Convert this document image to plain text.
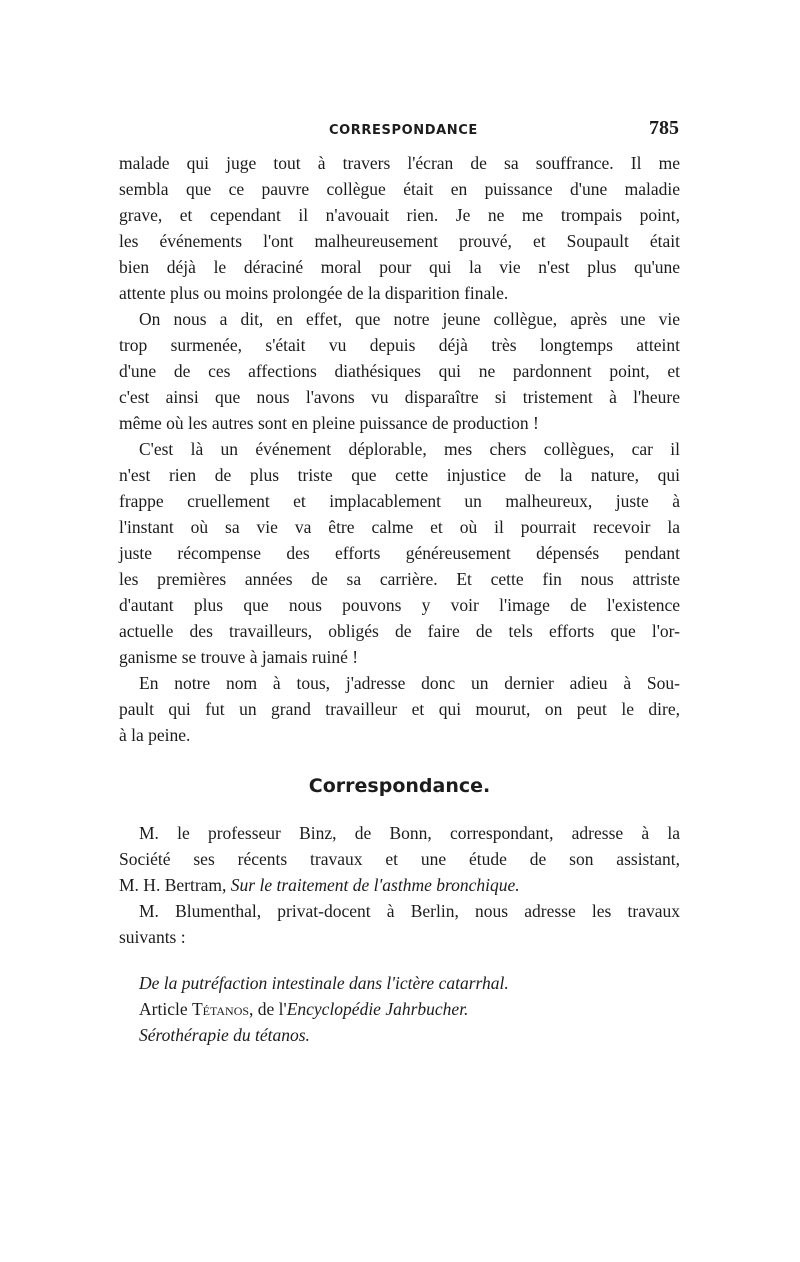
CORRESPONDANCE	785
malade qui juge tout à travers l'écran de sa souffrance. Il me
sembla que ce pauvre collègue était en puissance d'une maladie
grave, et cependant il n'avouait rien. Je ne me trompais point,
les événements l'ont malheureusement prouvé, et Soupault était
bien déjà le déraciné moral pour qui la vie n'est plus qu'une
attente plus ou moins prolongée de la disparition finale.
On nous a dit, en effet, que notre jeune collègue, après une vie
trop surmenée, s'était vu depuis déjà très longtemps atteint
d'une de ces affections diathésiques qui ne pardonnent point, et
c'est ainsi que nous l'avons vu disparaître si tristement à l'heure
même où les autres sont en pleine puissance de production !
C'est là un événement déplorable, mes chers collègues, car il
n'est rien de plus triste que cette injustice de la nature, qui
frappe cruellement et implacablement un malheureux, juste à
l'instant où sa vie va être calme et où il pourrait recevoir la
juste récompense des efforts généreusement dépensés pendant
les premières années de sa carrière. Et cette fin nous attriste
d'autant plus que nous pouvons y voir l'image de l'existence
actuelle des travailleurs, obligés de faire de tels efforts que l'or-
ganisme se trouve à jamais ruiné !
En notre nom à tous, j'adresse donc un dernier adieu à Sou-
pault qui fut un grand travailleur et qui mourut, on peut le dire,
à la peine.
Correspondance.
M. le professeur Binz, de Bonn, correspondant, adresse à la
Société ses récents travaux et une étude de son assistant,
M. H. Bertram, Sur le traitement de l'asthme bronchique.
M. Blumenthal, privat-docent à Berlin, nous adresse les travaux
suivants :
De la putréfaction intestinale dans l'ictère catarrhal.
Article Tétanos, de l'Encyclopédie Jahrbucher.
Sérothérapie du tétanos.
